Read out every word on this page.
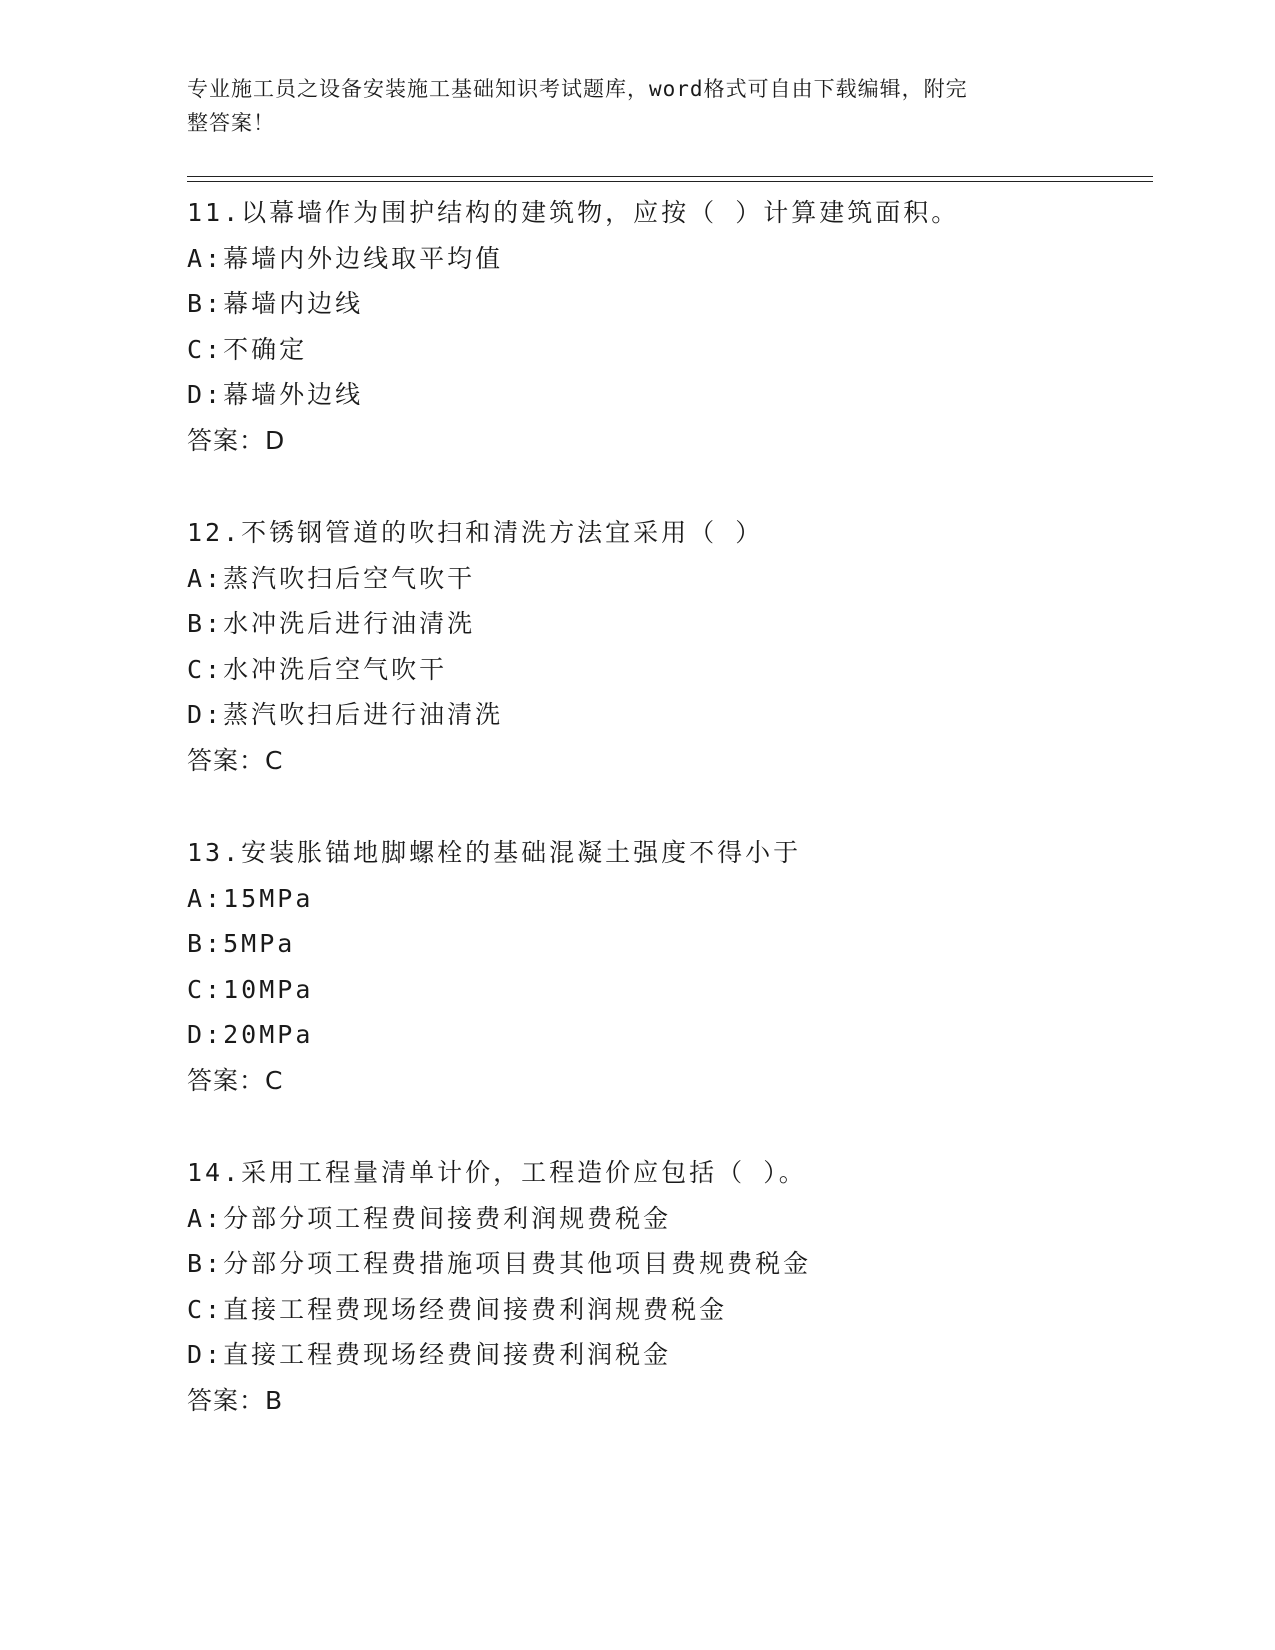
专业施工员之设备安装施工基础知识考试题库，word格式可自由下载编辑，附完
整答案！
11.以幕墙作为围护结构的建筑物，应按（ ）计算建筑面积。
A:幕墙内外边线取平均值
B:幕墙内边线
C:不确定
D:幕墙外边线
答案：D
12.不锈钢管道的吹扫和清洗方法宜采用（ ）
A:蒸汽吹扫后空气吹干
B:水冲洗后进行油清洗
C:水冲洗后空气吹干
D:蒸汽吹扫后进行油清洗
答案：C
13.安装胀锚地脚螺栓的基础混凝土强度不得小于
A:15MPa
B:5MPa
C:10MPa
D:20MPa
答案：C
14.采用工程量清单计价，工程造价应包括（ ）。
A:分部分项工程费间接费利润规费税金
B:分部分项工程费措施项目费其他项目费规费税金
C:直接工程费现场经费间接费利润规费税金
D:直接工程费现场经费间接费利润税金
答案：B
